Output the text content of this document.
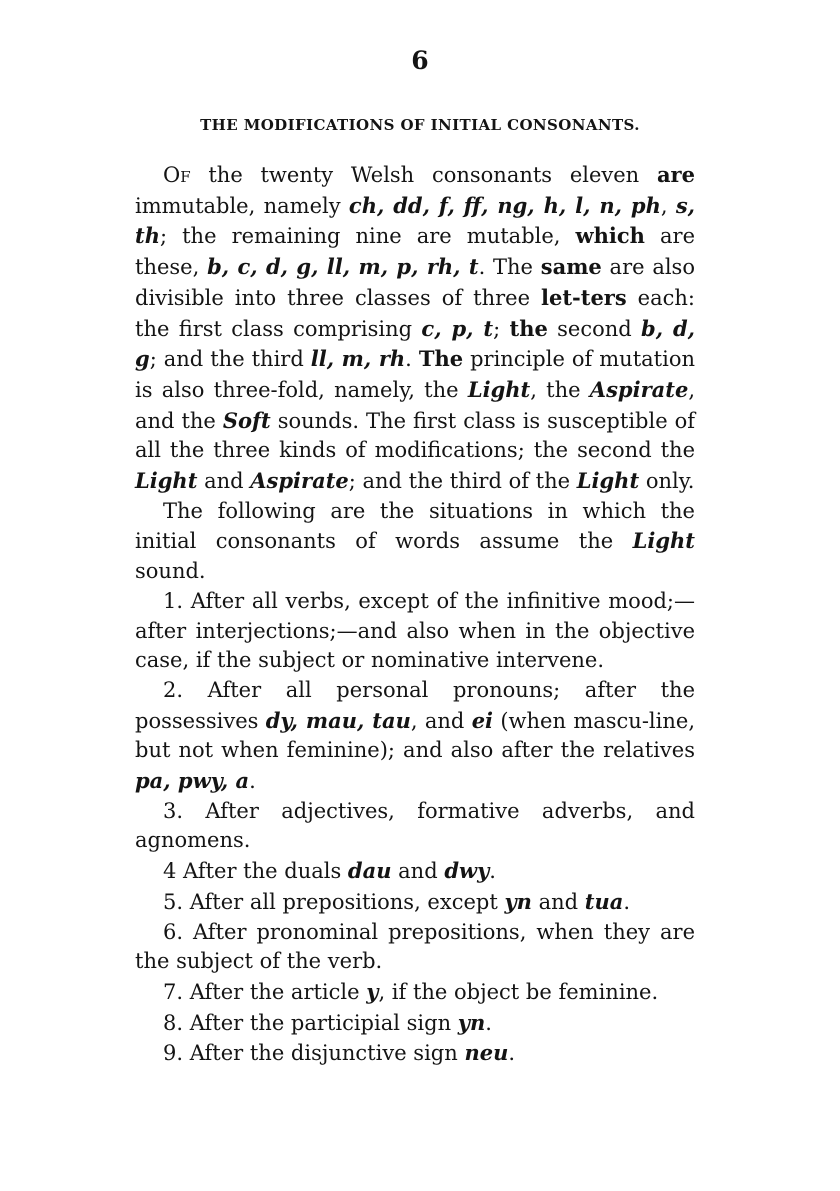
6
THE MODIFICATIONS OF INITIAL CONSONANTS.

Of the twenty Welsh consonants eleven are immutable, namely ch, dd, f, ff, ng, h, l, n, ph, s, th; the remaining nine are mutable, which are these, b, c, d, g, ll, m, p, rh, t. The same are also divisible into three classes of three let-ters each: the first class comprising c, p, t; the second b, d, g; and the third ll, m, rh. The principle of mutation is also three-fold, namely, the Light, the Aspirate, and the Soft sounds. The first class is susceptible of all the three kinds of modifications; the second the Light and Aspirate; and the third of the Light only.

The following are the situations in which the initial consonants of words assume the Light sound.

1. After all verbs, except of the infinitive mood;—after interjections;—and also when in the objective case, if the subject or nominative intervene.

2. After all personal pronouns; after the possessives dy, mau, tau, and ei (when mascu-line, but not when feminine); and also after the relatives pa, pwy, a.

3. After adjectives, formative adverbs, and agnomens.

4 After the duals dau and dwy.

5. After all prepositions, except yn and tua.

6. After pronominal prepositions, when they are the subject of the verb.

7. After the article y, if the object be feminine.

8. After the participial sign yn.

9. After the disjunctive sign neu.
